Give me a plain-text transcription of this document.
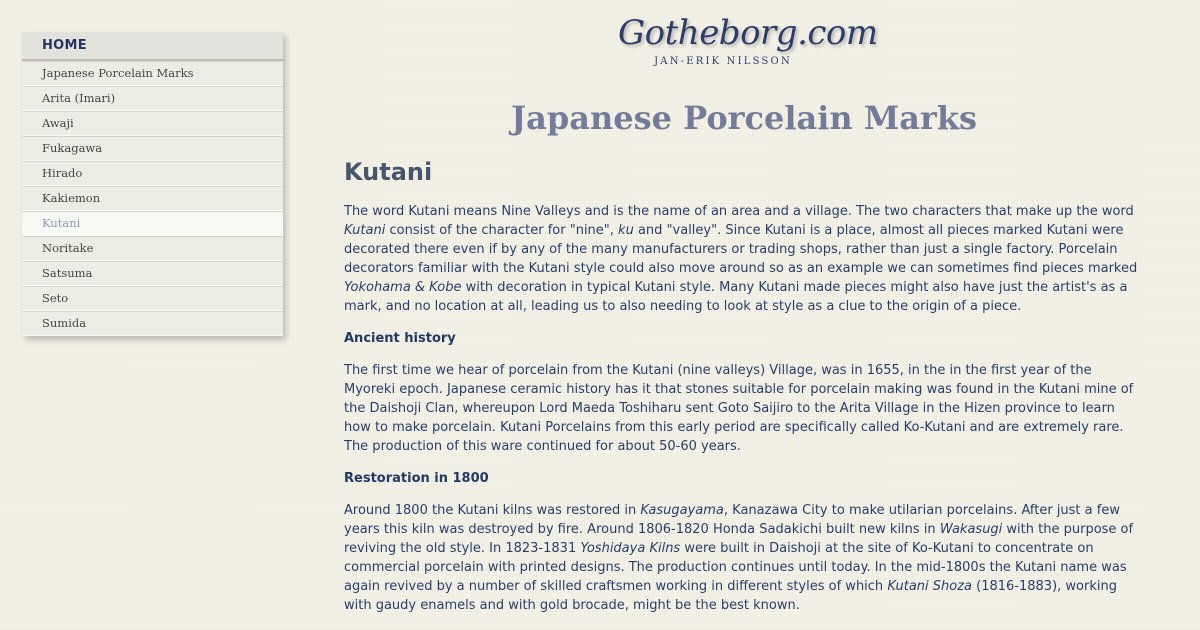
HOME
Japanese Porcelain Marks
Arita (Imari)
Awaji
Fukagawa
Hirado
Kakiemon
Kutani
Noritake
Satsuma
Seto
Sumida
Gotheborg.com
JAN-ERIK NILSSON
Japanese Porcelain Marks
Kutani

The word Kutani means Nine Valleys and is the name of an area and a village. The two characters that make up the word Kutani consist of the character for "nine", ku and "valley". Since Kutani is a place, almost all pieces marked Kutani were decorated there even if by any of the many manufacturers or trading shops, rather than just a single factory. Porcelain decorators familiar with the Kutani style could also move around so as an example we can sometimes find pieces marked Yokohama & Kobe with decoration in typical Kutani style. Many Kutani made pieces might also have just the artist's as a mark, and no location at all, leading us to also needing to look at style as a clue to the origin of a piece.

Ancient history

The first time we hear of porcelain from the Kutani (nine valleys) Village, was in 1655, in the in the first year of the Myoreki epoch. Japanese ceramic history has it that stones suitable for porcelain making was found in the Kutani mine of the Daishoji Clan, whereupon Lord Maeda Toshiharu sent Goto Saijiro to the Arita Village in the Hizen province to learn how to make porcelain. Kutani Porcelains from this early period are specifically called Ko-Kutani and are extremely rare. The production of this ware continued for about 50-60 years.

Restoration in 1800

Around 1800 the Kutani kilns was restored in Kasugayama, Kanazawa City to make utilarian porcelains. After just a few years this kiln was destroyed by fire. Around 1806-1820 Honda Sadakichi built new kilns in Wakasugi with the purpose of reviving the old style. In 1823-1831 Yoshidaya Kilns were built in Daishoji at the site of Ko-Kutani to concentrate on commercial porcelain with printed designs. The production continues until today. In the mid-1800s the Kutani name was again revived by a number of skilled craftsmen working in different styles of which Kutani Shoza (1816-1883), working with gaudy enamels and with gold brocade, might be the best known.
